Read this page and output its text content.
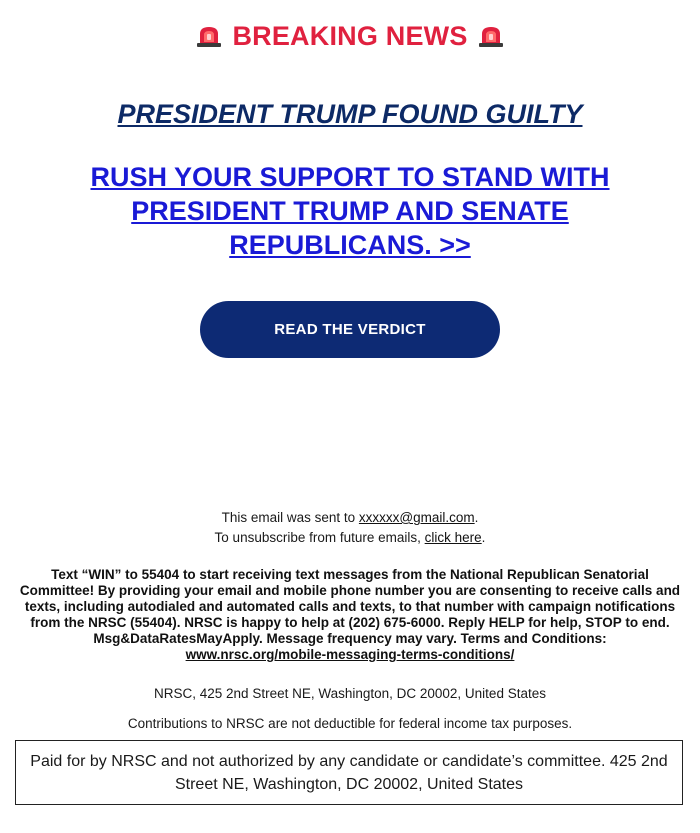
BREAKING NEWS
PRESIDENT TRUMP FOUND GUILTY
RUSH YOUR SUPPORT TO STAND WITH PRESIDENT TRUMP AND SENATE REPUBLICANS. >>
READ THE VERDICT

This email was sent to xxxxxx@gmail.com.

To unsubscribe from future emails, click here.

Text “WIN” to 55404 to start receiving text messages from the National Republican Senatorial Committee! By providing your email and mobile phone number you are consenting to receive calls and texts, including autodialed and automated calls and texts, to that number with campaign notifications from the NRSC (55404). NRSC is happy to help at (202) 675-6000. Reply HELP for help, STOP to end. Msg&DataRatesMayApply. Message frequency may vary. Terms and Conditions:
www.nrsc.org/mobile-messaging-terms-conditions/

NRSC, 425 2nd Street NE, Washington, DC 20002, United States

Contributions to NRSC are not deductible for federal income tax purposes.

Paid for by NRSC and not authorized by any candidate or candidate’s committee. 425 2nd Street NE, Washington, DC 20002, United States
